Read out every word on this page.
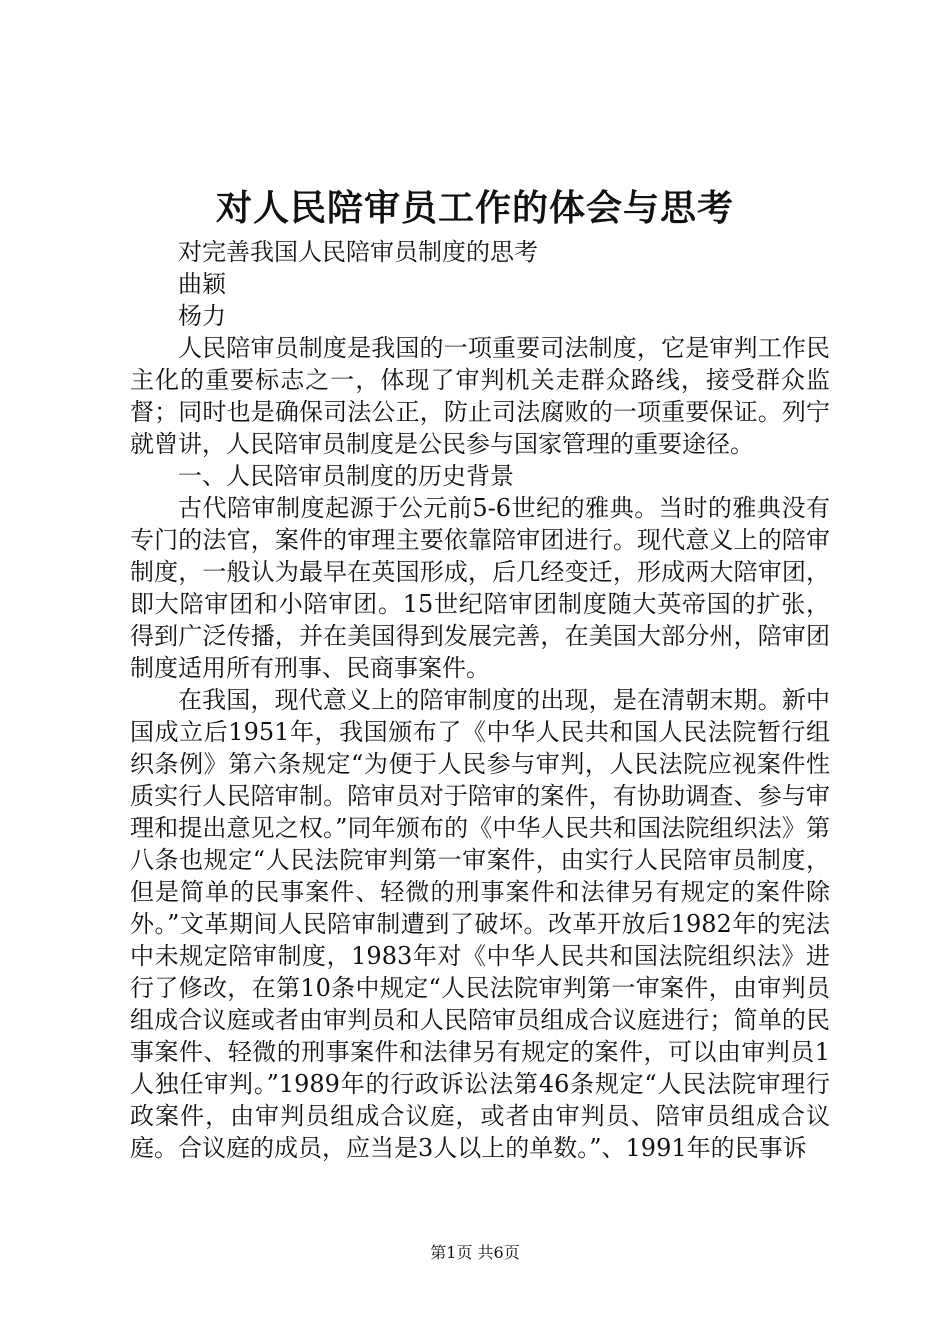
对人民陪审员工作的体会与思考

对完善我国人民陪审员制度的思考

曲颖

杨力

人民陪审员制度是我国的一项重要司法制度，它是审判工作民主化的重要标志之一，体现了审判机关走群众路线，接受群众监督；同时也是确保司法公正，防止司法腐败的一项重要保证。列宁就曾讲，人民陪审员制度是公民参与国家管理的重要途径。

一、人民陪审员制度的历史背景

古代陪审制度起源于公元前5-6世纪的雅典。当时的雅典没有专门的法官，案件的审理主要依靠陪审团进行。现代意义上的陪审制度，一般认为最早在英国形成，后几经变迁，形成两大陪审团，即大陪审团和小陪审团。15世纪陪审团制度随大英帝国的扩张，得到广泛传播，并在美国得到发展完善，在美国大部分州，陪审团制度适用所有刑事、民商事案件。

在我国，现代意义上的陪审制度的出现，是在清朝末期。新中国成立后1951年，我国颁布了《中华人民共和国人民法院暂行组织条例》第六条规定“为便于人民参与审判，人民法院应视案件性质实行人民陪审制。陪审员对于陪审的案件，有协助调查、参与审理和提出意见之权。”同年颁布的《中华人民共和国法院组织法》第八条也规定“人民法院审判第一审案件，由实行人民陪审员制度，但是简单的民事案件、轻微的刑事案件和法律另有规定的案件除外。”文革期间人民陪审制遭到了破坏。改革开放后1982年的宪法中未规定陪审制度，1983年对《中华人民共和国法院组织法》进行了修改，在第10条中规定“人民法院审判第一审案件，由审判员组成合议庭或者由审判员和人民陪审员组成合议庭进行；简单的民事案件、轻微的刑事案件和法律另有规定的案件，可以由审判员1人独任审判。”1989年的行政诉讼法第46条规定“人民法院审理行政案件，由审判员组成合议庭，或者由审判员、陪审员组成合议庭。合议庭的成员，应当是3人以上的单数。”、1991年的民事诉

第1页 共6页
